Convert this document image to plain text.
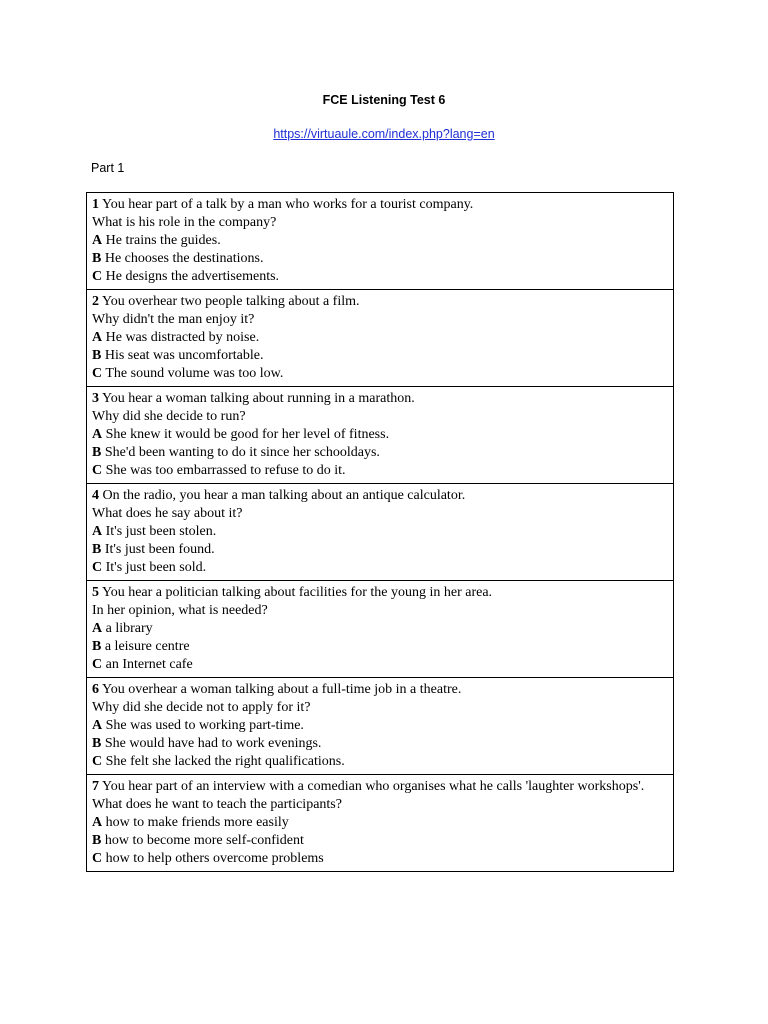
FCE Listening Test 6
https://virtuaule.com/index.php?lang=en
Part 1
1 You hear part of a talk by a man who works for a tourist company.
What is his role in the company?
A He trains the guides.
B He chooses the destinations.
C He designs the advertisements.

2 You overhear two people talking about a film.
Why didn't the man enjoy it?
A He was distracted by noise.
B His seat was uncomfortable.
C The sound volume was too low.

3 You hear a woman talking about running in a marathon.
Why did she decide to run?
A She knew it would be good for her level of fitness.
B She'd been wanting to do it since her schooldays.
C She was too embarrassed to refuse to do it.

4 On the radio, you hear a man talking about an antique calculator.
What does he say about it?
A It's just been stolen.
B It's just been found.
C It's just been sold.

5 You hear a politician talking about facilities for the young in her area.
In her opinion, what is needed?
A a library
B a leisure centre
C an Internet cafe

6 You overhear a woman talking about a full-time job in a theatre.
Why did she decide not to apply for it?
A She was used to working part-time.
B She would have had to work evenings.
C She felt she lacked the right qualifications.

7 You hear part of an interview with a comedian who organises what he calls 'laughter workshops'.
What does he want to teach the participants?
A how to make friends more easily
B how to become more self-confident
C how to help others overcome problems
